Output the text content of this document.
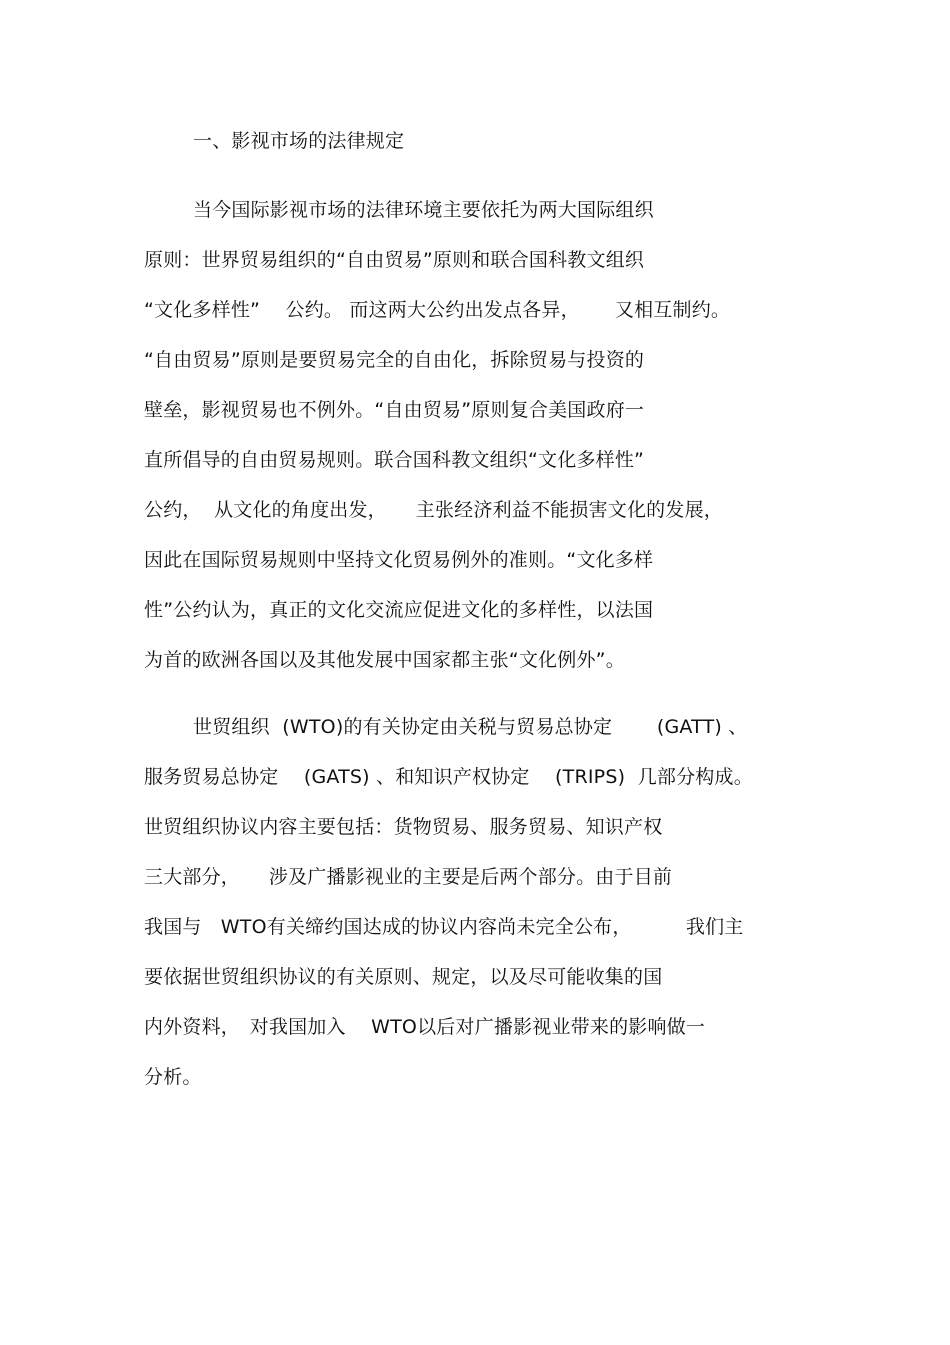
一、影视市场的法律规定
当今国际影视市场的法律环境主要依托为两大国际组织
原则：世界贸易组织的“自由贸易”原则和联合国科教文组织
“文化多样性”　 公约。 而这两大公约出发点各异，　　 又相互制约。
“自由贸易”原则是要贸易完全的自由化，拆除贸易与投资的
壁垒，影视贸易也不例外。“自由贸易”原则复合美国政府一
直所倡导的自由贸易规则。联合国科教文组织“文化多样性”
公约，  从文化的角度出发，　　主张经济利益不能损害文化的发展，
因此在国际贸易规则中坚持文化贸易例外的准则。“文化多样
性”公约认为，真正的文化交流应促进文化的多样性，以法国
为首的欧洲各国以及其他发展中国家都主张“文化例外”。
世贸组织  (WTO)的有关协定由关税与贸易总协定　　 (GATT) 、
服务贸易总协定　 (GATS) 、和知识产权协定　 (TRIPS)  几部分构成。
世贸组织协议内容主要包括：货物贸易、服务贸易、知识产权
三大部分，　　涉及广播影视业的主要是后两个部分。由于目前
我国与　WTO有关缔约国达成的协议内容尚未完全公布，　　　 我们主
要依据世贸组织协议的有关原则、规定，以及尽可能收集的国
内外资料，　对我国加入　 WTO以后对广播影视业带来的影响做一
分析。
